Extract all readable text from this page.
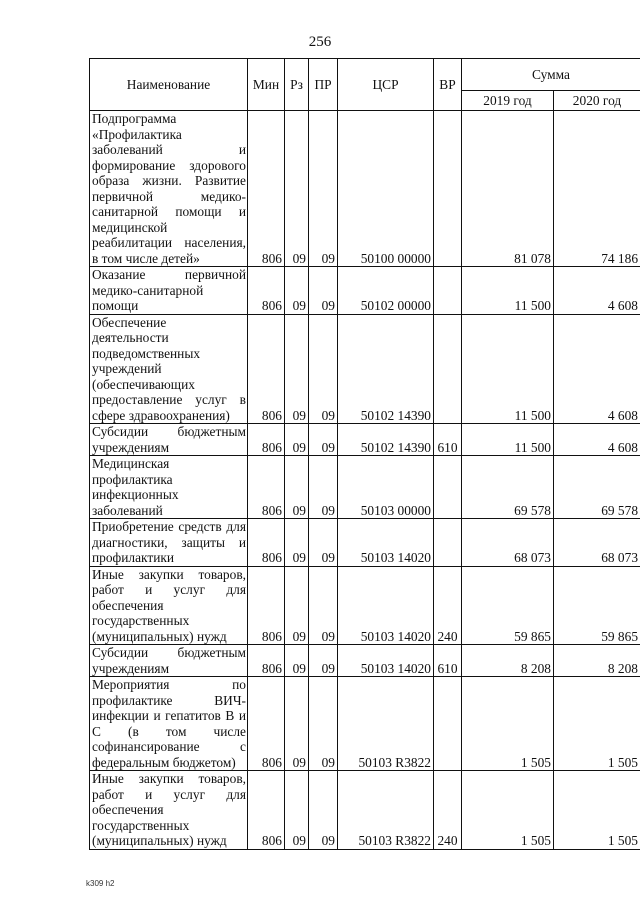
256
Наименование	Мин	Рз	ПР	ЦСР	ВР	Сумма	
						2019 год	2020 год
Подпрограмма «Профилактика заболеваний и формирование здорового образа жизни. Развитие первичной медико-санитарной помощи и медицинской реабилитации населения, в том числе детей»	806	09	09	50100 00000		81 078	74 186
Оказание первичной медико-санитарной помощи	806	09	09	50102 00000		11 500	4 608
Обеспечение деятельности подведомственных учреждений (обеспечивающих предоставление услуг в сфере здравоохранения)	806	09	09	50102 14390		11 500	4 608
Субсидии бюджетным учреждениям	806	09	09	50102 14390	610	11 500	4 608
Медицинская профилактика инфекционных заболеваний	806	09	09	50103 00000		69 578	69 578
Приобретение средств для диагностики, защиты и профилактики	806	09	09	50103 14020		68 073	68 073
Иные закупки товаров, работ и услуг для обеспечения государственных (муниципальных) нужд	806	09	09	50103 14020	240	59 865	59 865
Субсидии бюджетным учреждениям	806	09	09	50103 14020	610	8 208	8 208
Мероприятия по профилактике ВИЧ-инфекции и гепатитов В и С (в том числе софинансирование с федеральным бюджетом)	806	09	09	50103 R3822		1 505	1 505
Иные закупки товаров, работ и услуг для обеспечения государственных (муниципальных) нужд	806	09	09	50103 R3822	240	1 505	1 505
k309 h2
